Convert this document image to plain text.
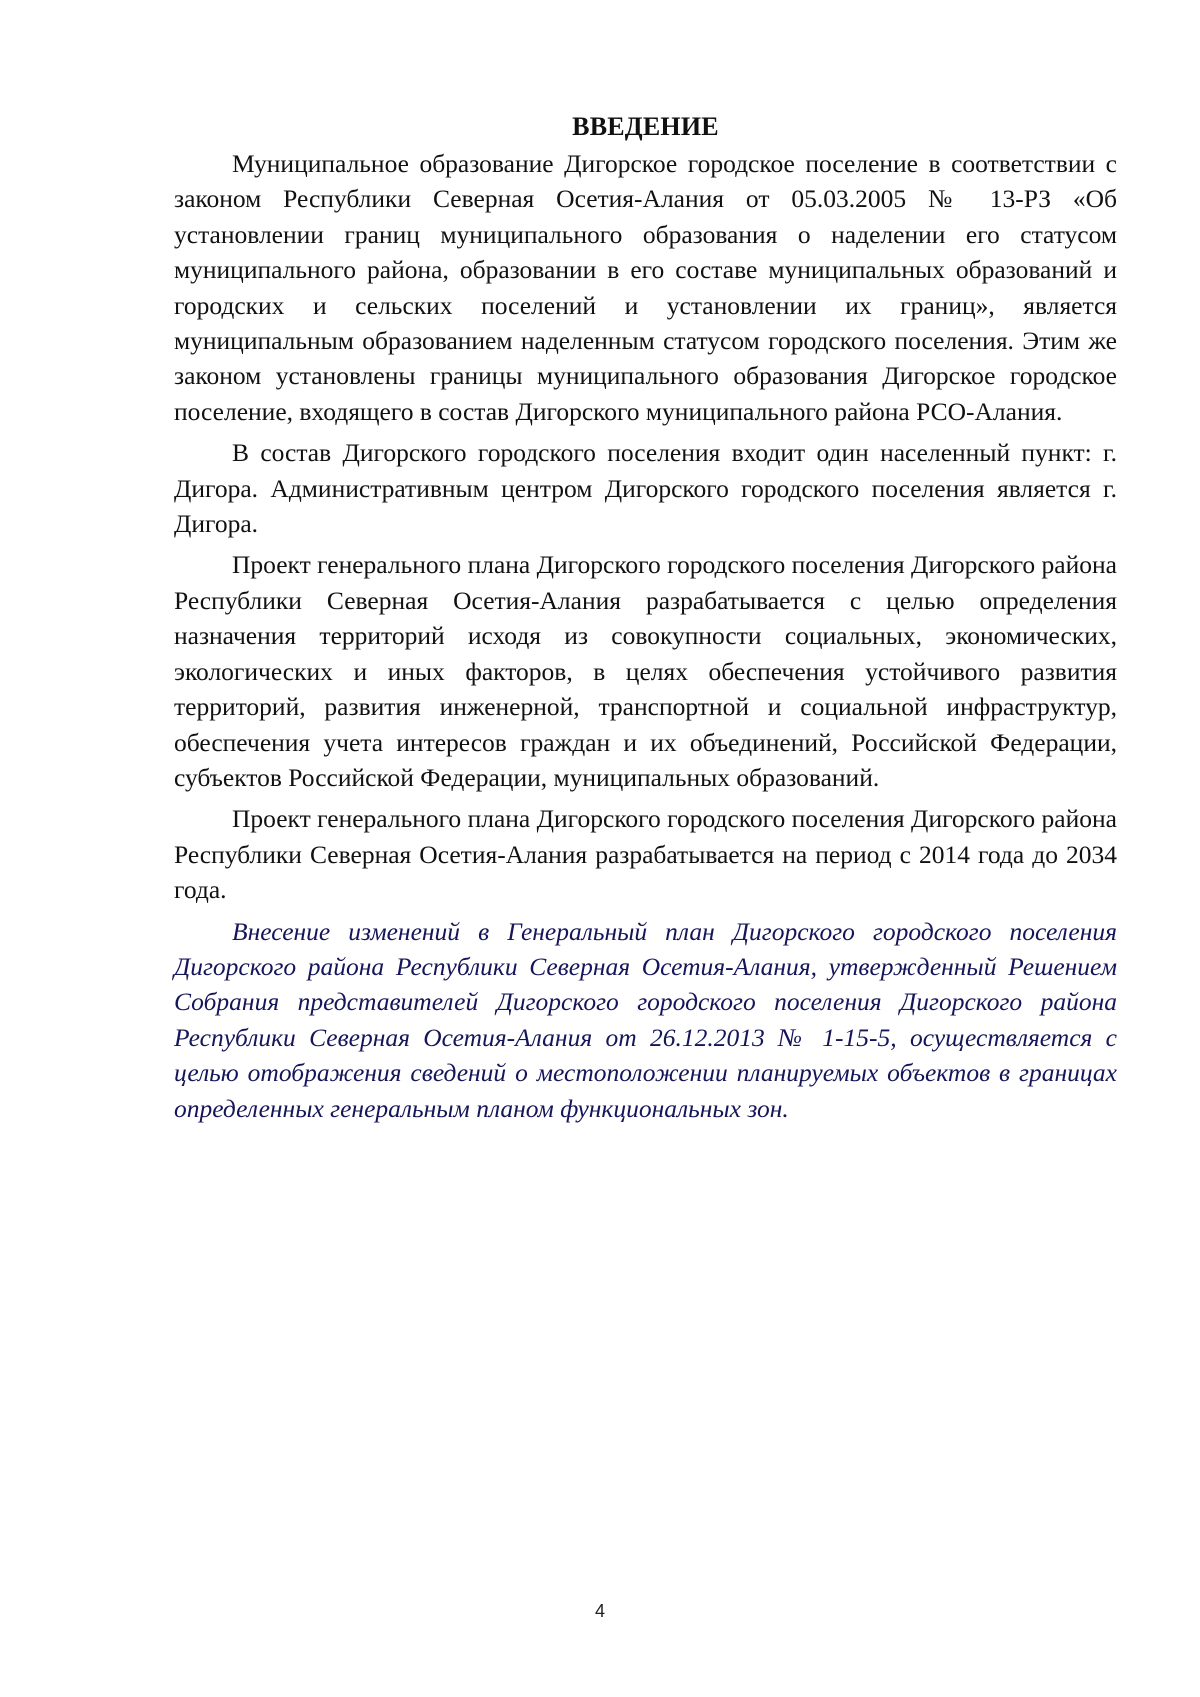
ВВЕДЕНИЕ

Муниципальное образование Дигорское городское поселение в соответствии с законом Республики Северная Осетия-Алания от 05.03.2005 № 13-РЗ «Об установлении границ муниципального образования о наделении его статусом муниципального района, образовании в его составе муниципальных образований и городских и сельских поселений и установлении их границ», является муниципальным образованием наделенным статусом городского поселения. Этим же законом установлены границы муниципального образования Дигорское городское поселение, входящего в состав Дигорского муниципального района РСО-Алания.

В состав Дигорского городского поселения входит один населенный пункт: г. Дигора. Административным центром Дигорского городского поселения является г. Дигора.

Проект генерального плана Дигорского городского поселения Дигорского района Республики Северная Осетия-Алания разрабатывается с целью определения назначения территорий исходя из совокупности социальных, экономических, экологических и иных факторов, в целях обеспечения устойчивого развития территорий, развития инженерной, транспортной и социальной инфраструктур, обеспечения учета интересов граждан и их объединений, Российской Федерации, субъектов Российской Федерации, муниципальных образований.

Проект генерального плана Дигорского городского поселения Дигорского района Республики Северная Осетия-Алания разрабатывается на период с 2014 года до 2034 года.

Внесение изменений в Генеральный план Дигорского городского поселения Дигорского района Республики Северная Осетия-Алания, утвержденный Решением Собрания представителей Дигорского городского поселения Дигорского района Республики Северная Осетия-Алания от 26.12.2013 № 1-15-5, осуществляется с целью отображения сведений о местоположении планируемых объектов в границах определенных генеральным планом функциональных зон.

4
